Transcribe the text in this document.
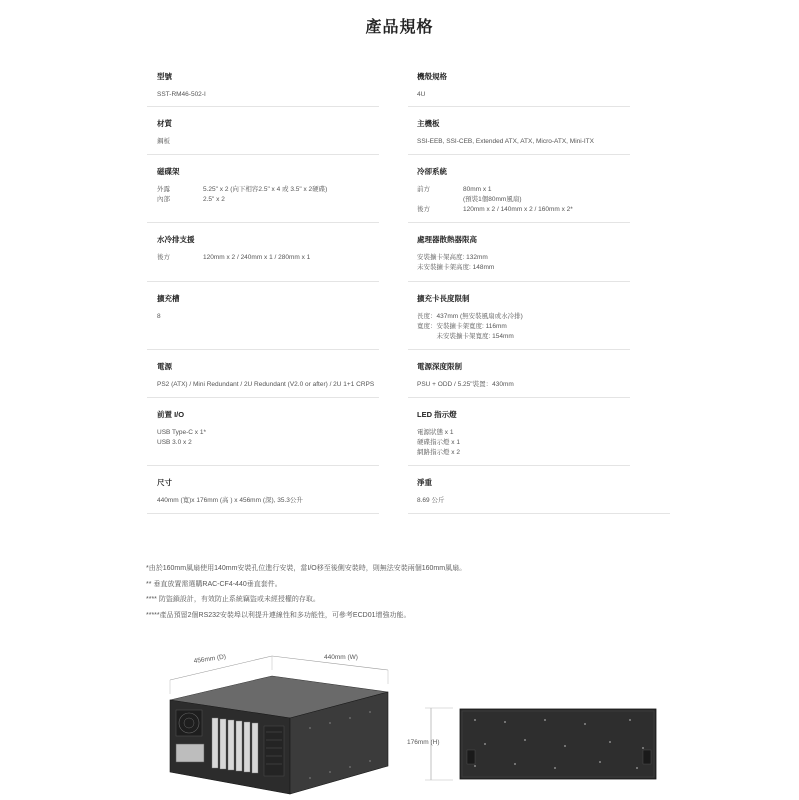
產品規格
型號
SST-RM46-502-I
機殼規格
4U
材質
鋼板
主機板
SSI-EEB, SSI-CEB, Extended ATX, ATX, Micro-ATX, Mini-ITX
磁碟架
外露	5.25" x 2 (向下相容2.5" x 4 或 3.5" x 2硬碟)
內部	2.5" x 2
冷卻系統
前方	80mm x 1
(預裝1個80mm風扇)
後方	120mm x 2 / 140mm x 2 / 160mm x 2*
水冷排支援
後方	120mm x 2 / 240mm x 1 / 280mm x 1
處理器散熱器限高
安裝擴卡架高度: 132mm
未安裝擴卡架高度: 148mm
擴充槽
8
擴充卡長度限制
長度：437mm (無安裝風扇或水冷排)
寬度：安裝擴卡架寬度: 116mm
　　　未安裝擴卡架寬度: 154mm
電源
PS2 (ATX) / Mini Redundant / 2U Redundant (V2.0 or after) / 2U 1+1 CRPS
電源深度限制
PSU + ODD / 5.25"裝置：430mm
前置 I/O
USB Type-C x 1*
USB 3.0 x 2
LED 指示燈
電源狀態 x 1
硬碟指示燈 x 1
網路指示燈 x 2
尺寸
440mm (寬)x 176mm (高 ) x 456mm (深), 35.3公升
淨重
8.69 公斤
*由於160mm風扇使用140mm安裝孔位進行安裝，當I/O移至後側安裝時，則無法安裝兩個160mm風扇。
** 垂直放置需選購RAC-CF4-440垂直套件。
**** 防盜鎖設計，有效防止系統竊盜或未經授權的存取。
*****產品預留2個RS232安裝埠以利提升連線性和多功能性，可參考ECD01增強功能。
456mm (D)	440mm (W)
176mm (H)
